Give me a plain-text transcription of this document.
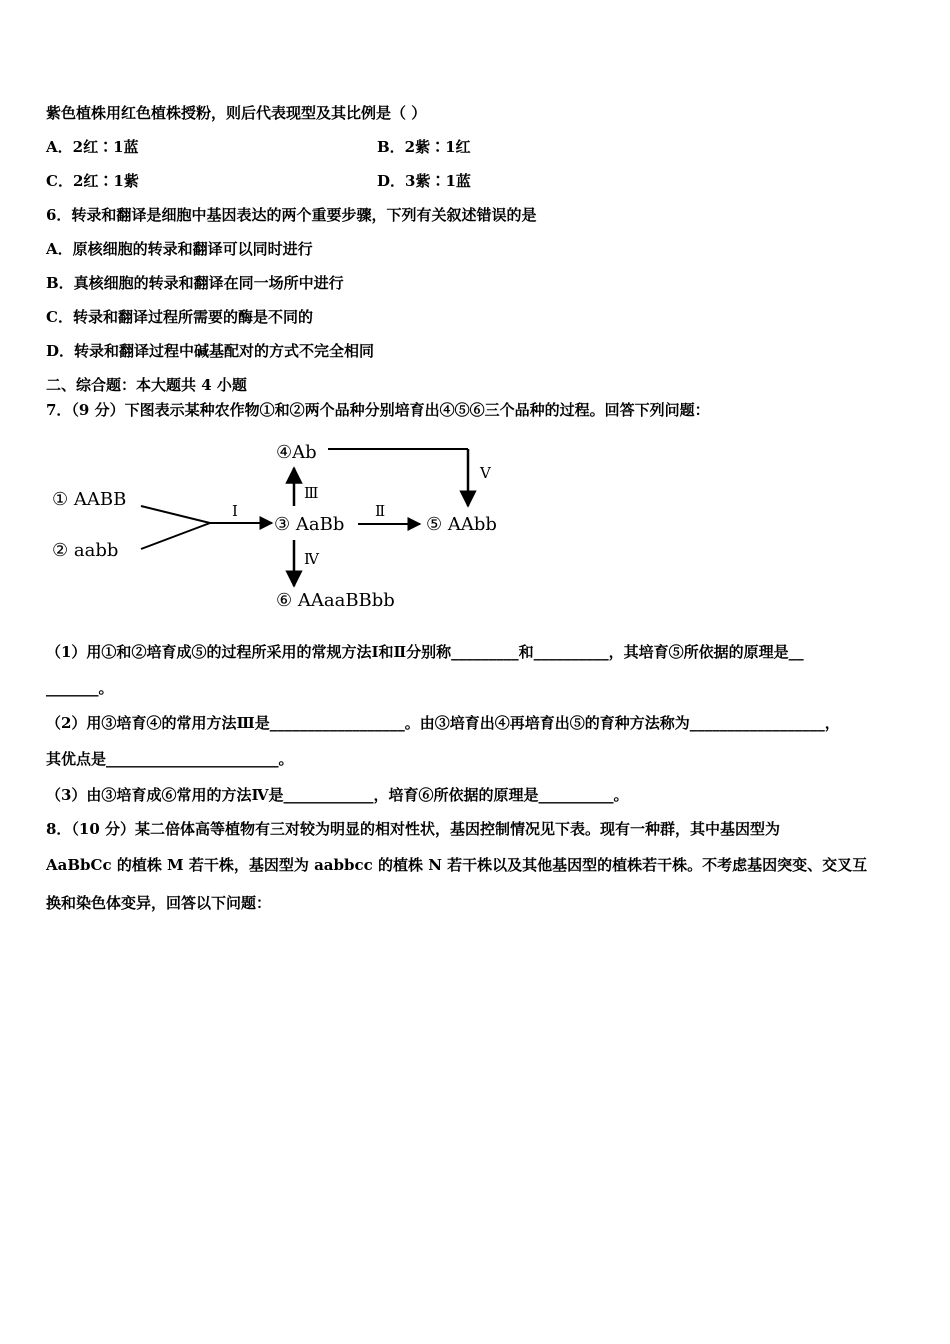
紫色植株用红色植株授粉，则后代表现型及其比例是（ ）
A．2红∶1蓝	B．2紫∶1红
C．2红∶1紫	D．3紫∶1蓝
6．转录和翻译是细胞中基因表达的两个重要步骤，下列有关叙述错误的是
A．原核细胞的转录和翻译可以同时进行
B．真核细胞的转录和翻译在同一场所中进行
C．转录和翻译过程所需要的酶是不同的
D．转录和翻译过程中碱基配对的方式不完全相同
二、综合题：本大题共 4 小题
7．（9 分）下图表示某种农作物①和②两个品种分别培育出④⑤⑥三个品种的过程。回答下列问题：
① AABB
② aabb
Ⅰ
③ AaBb
Ⅲ
④Ab
Ⅴ
Ⅱ
⑤ AAbb
Ⅳ
⑥ AAaaBBbb
（1）用①和②培育成⑤的过程所采用的常规方法Ⅰ和Ⅱ分别称_________和__________，其培育⑤所依据的原理是__
_______。
（2）用③培育④的常用方法Ⅲ是__________________。由③培育出④再培育出⑤的育种方法称为__________________，
其优点是_______________________。
（3）由③培育成⑥常用的方法Ⅳ是____________，培育⑥所依据的原理是__________。
8．（10 分）某二倍体高等植物有三对较为明显的相对性状，基因控制情况见下表。现有一种群，其中基因型为
AaBbCc 的植株 M 若干株，基因型为 aabbcc 的植株 N 若干株以及其他基因型的植株若干株。不考虑基因突变、交叉互
换和染色体变异，回答以下问题：
